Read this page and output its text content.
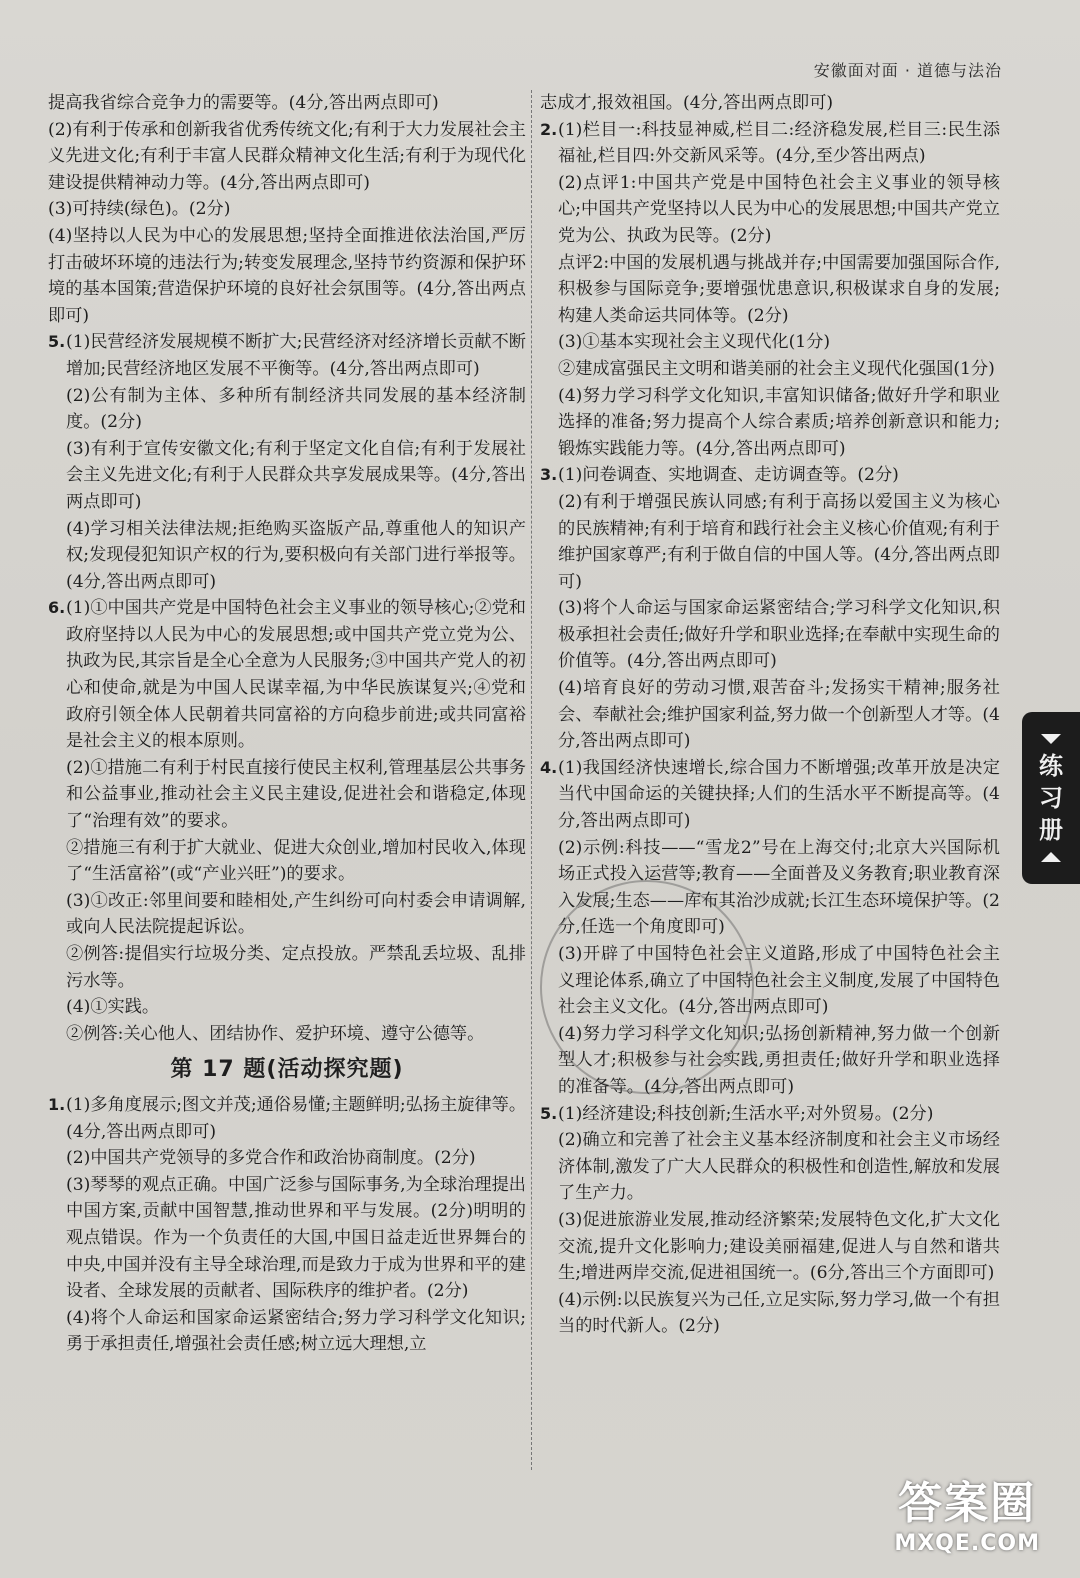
安徽面对面 · 道德与法治

提高我省综合竞争力的需要等。(4分,答出两点即可)

(2)有利于传承和创新我省优秀传统文化;有利于大力发展社会主义先进文化;有利于丰富人民群众精神文化生活;有利于为现代化建设提供精神动力等。(4分,答出两点即可)

(3)可持续(绿色)。(2分)

(4)坚持以人民为中心的发展思想;坚持全面推进依法治国,严厉打击破坏环境的违法行为;转变发展理念,坚持节约资源和保护环境的基本国策;营造保护环境的良好社会氛围等。(4分,答出两点即可)

5. (1)民营经济发展规模不断扩大;民营经济对经济增长贡献不断增加;民营经济地区发展不平衡等。(4分,答出两点即可)

(2)公有制为主体、多种所有制经济共同发展的基本经济制度。(2分)

(3)有利于宣传安徽文化;有利于坚定文化自信;有利于发展社会主义先进文化;有利于人民群众共享发展成果等。(4分,答出两点即可)

(4)学习相关法律法规;拒绝购买盗版产品,尊重他人的知识产权;发现侵犯知识产权的行为,要积极向有关部门进行举报等。(4分,答出两点即可)

6. (1)①中国共产党是中国特色社会主义事业的领导核心;②党和政府坚持以人民为中心的发展思想;或中国共产党立党为公、执政为民,其宗旨是全心全意为人民服务;③中国共产党人的初心和使命,就是为中国人民谋幸福,为中华民族谋复兴;④党和政府引领全体人民朝着共同富裕的方向稳步前进;或共同富裕是社会主义的根本原则。

(2)①措施二有利于村民直接行使民主权利,管理基层公共事务和公益事业,推动社会主义民主建设,促进社会和谐稳定,体现了“治理有效”的要求。

②措施三有利于扩大就业、促进大众创业,增加村民收入,体现了“生活富裕”(或“产业兴旺”)的要求。

(3)①改正:邻里间要和睦相处,产生纠纷可向村委会申请调解,或向人民法院提起诉讼。

②例答:提倡实行垃圾分类、定点投放。严禁乱丢垃圾、乱排污水等。

(4)①实践。

②例答:关心他人、团结协作、爱护环境、遵守公德等。

第 17 题(活动探究题)
1. (1)多角度展示;图文并茂;通俗易懂;主题鲜明;弘扬主旋律等。(4分,答出两点即可)

(2)中国共产党领导的多党合作和政治协商制度。(2分)

(3)琴琴的观点正确。中国广泛参与国际事务,为全球治理提出中国方案,贡献中国智慧,推动世界和平与发展。(2分)明明的观点错误。作为一个负责任的大国,中国日益走近世界舞台的中央,中国并没有主导全球治理,而是致力于成为世界和平的建设者、全球发展的贡献者、国际秩序的维护者。(2分)

(4)将个人命运和国家命运紧密结合;努力学习科学文化知识;勇于承担责任,增强社会责任感;树立远大理想,立

志成才,报效祖国。(4分,答出两点即可)

2. (1)栏目一:科技显神威,栏目二:经济稳发展,栏目三:民生添福祉,栏目四:外交新风采等。(4分,至少答出两点)

(2)点评1:中国共产党是中国特色社会主义事业的领导核心;中国共产党坚持以人民为中心的发展思想;中国共产党立党为公、执政为民等。(2分)

点评2:中国的发展机遇与挑战并存;中国需要加强国际合作,积极参与国际竞争;要增强忧患意识,积极谋求自身的发展;构建人类命运共同体等。(2分)

(3)①基本实现社会主义现代化(1分)

②建成富强民主文明和谐美丽的社会主义现代化强国(1分)

(4)努力学习科学文化知识,丰富知识储备;做好升学和职业选择的准备;努力提高个人综合素质;培养创新意识和能力;锻炼实践能力等。(4分,答出两点即可)

3. (1)问卷调查、实地调查、走访调查等。(2分)

(2)有利于增强民族认同感;有利于高扬以爱国主义为核心的民族精神;有利于培育和践行社会主义核心价值观;有利于维护国家尊严;有利于做自信的中国人等。(4分,答出两点即可)

(3)将个人命运与国家命运紧密结合;学习科学文化知识,积极承担社会责任;做好升学和职业选择;在奉献中实现生命的价值等。(4分,答出两点即可)

(4)培育良好的劳动习惯,艰苦奋斗;发扬实干精神;服务社会、奉献社会;维护国家利益,努力做一个创新型人才等。(4分,答出两点即可)

4. (1)我国经济快速增长,综合国力不断增强;改革开放是决定当代中国命运的关键抉择;人们的生活水平不断提高等。(4分,答出两点即可)

(2)示例:科技——“雪龙2”号在上海交付;北京大兴国际机场正式投入运营等;教育——全面普及义务教育;职业教育深入发展;生态——库布其治沙成就;长江生态环境保护等。(2分,任选一个角度即可)

(3)开辟了中国特色社会主义道路,形成了中国特色社会主义理论体系,确立了中国特色社会主义制度,发展了中国特色社会主义文化。(4分,答出两点即可)

(4)努力学习科学文化知识;弘扬创新精神,努力做一个创新型人才;积极参与社会实践,勇担责任;做好升学和职业选择的准备等。(4分,答出两点即可)

5. (1)经济建设;科技创新;生活水平;对外贸易。(2分)

(2)确立和完善了社会主义基本经济制度和社会主义市场经济体制,激发了广大人民群众的积极性和创造性,解放和发展了生产力。

(3)促进旅游业发展,推动经济繁荣;发展特色文化,扩大文化交流,提升文化影响力;建设美丽福建,促进人与自然和谐共生;增进两岸交流,促进祖国统一。(6分,答出三个方面即可)

(4)示例:以民族复兴为己任,立足实际,努力学习,做一个有担当的时代新人。(2分)

练
习
册
答案圈
MXQE.COM
